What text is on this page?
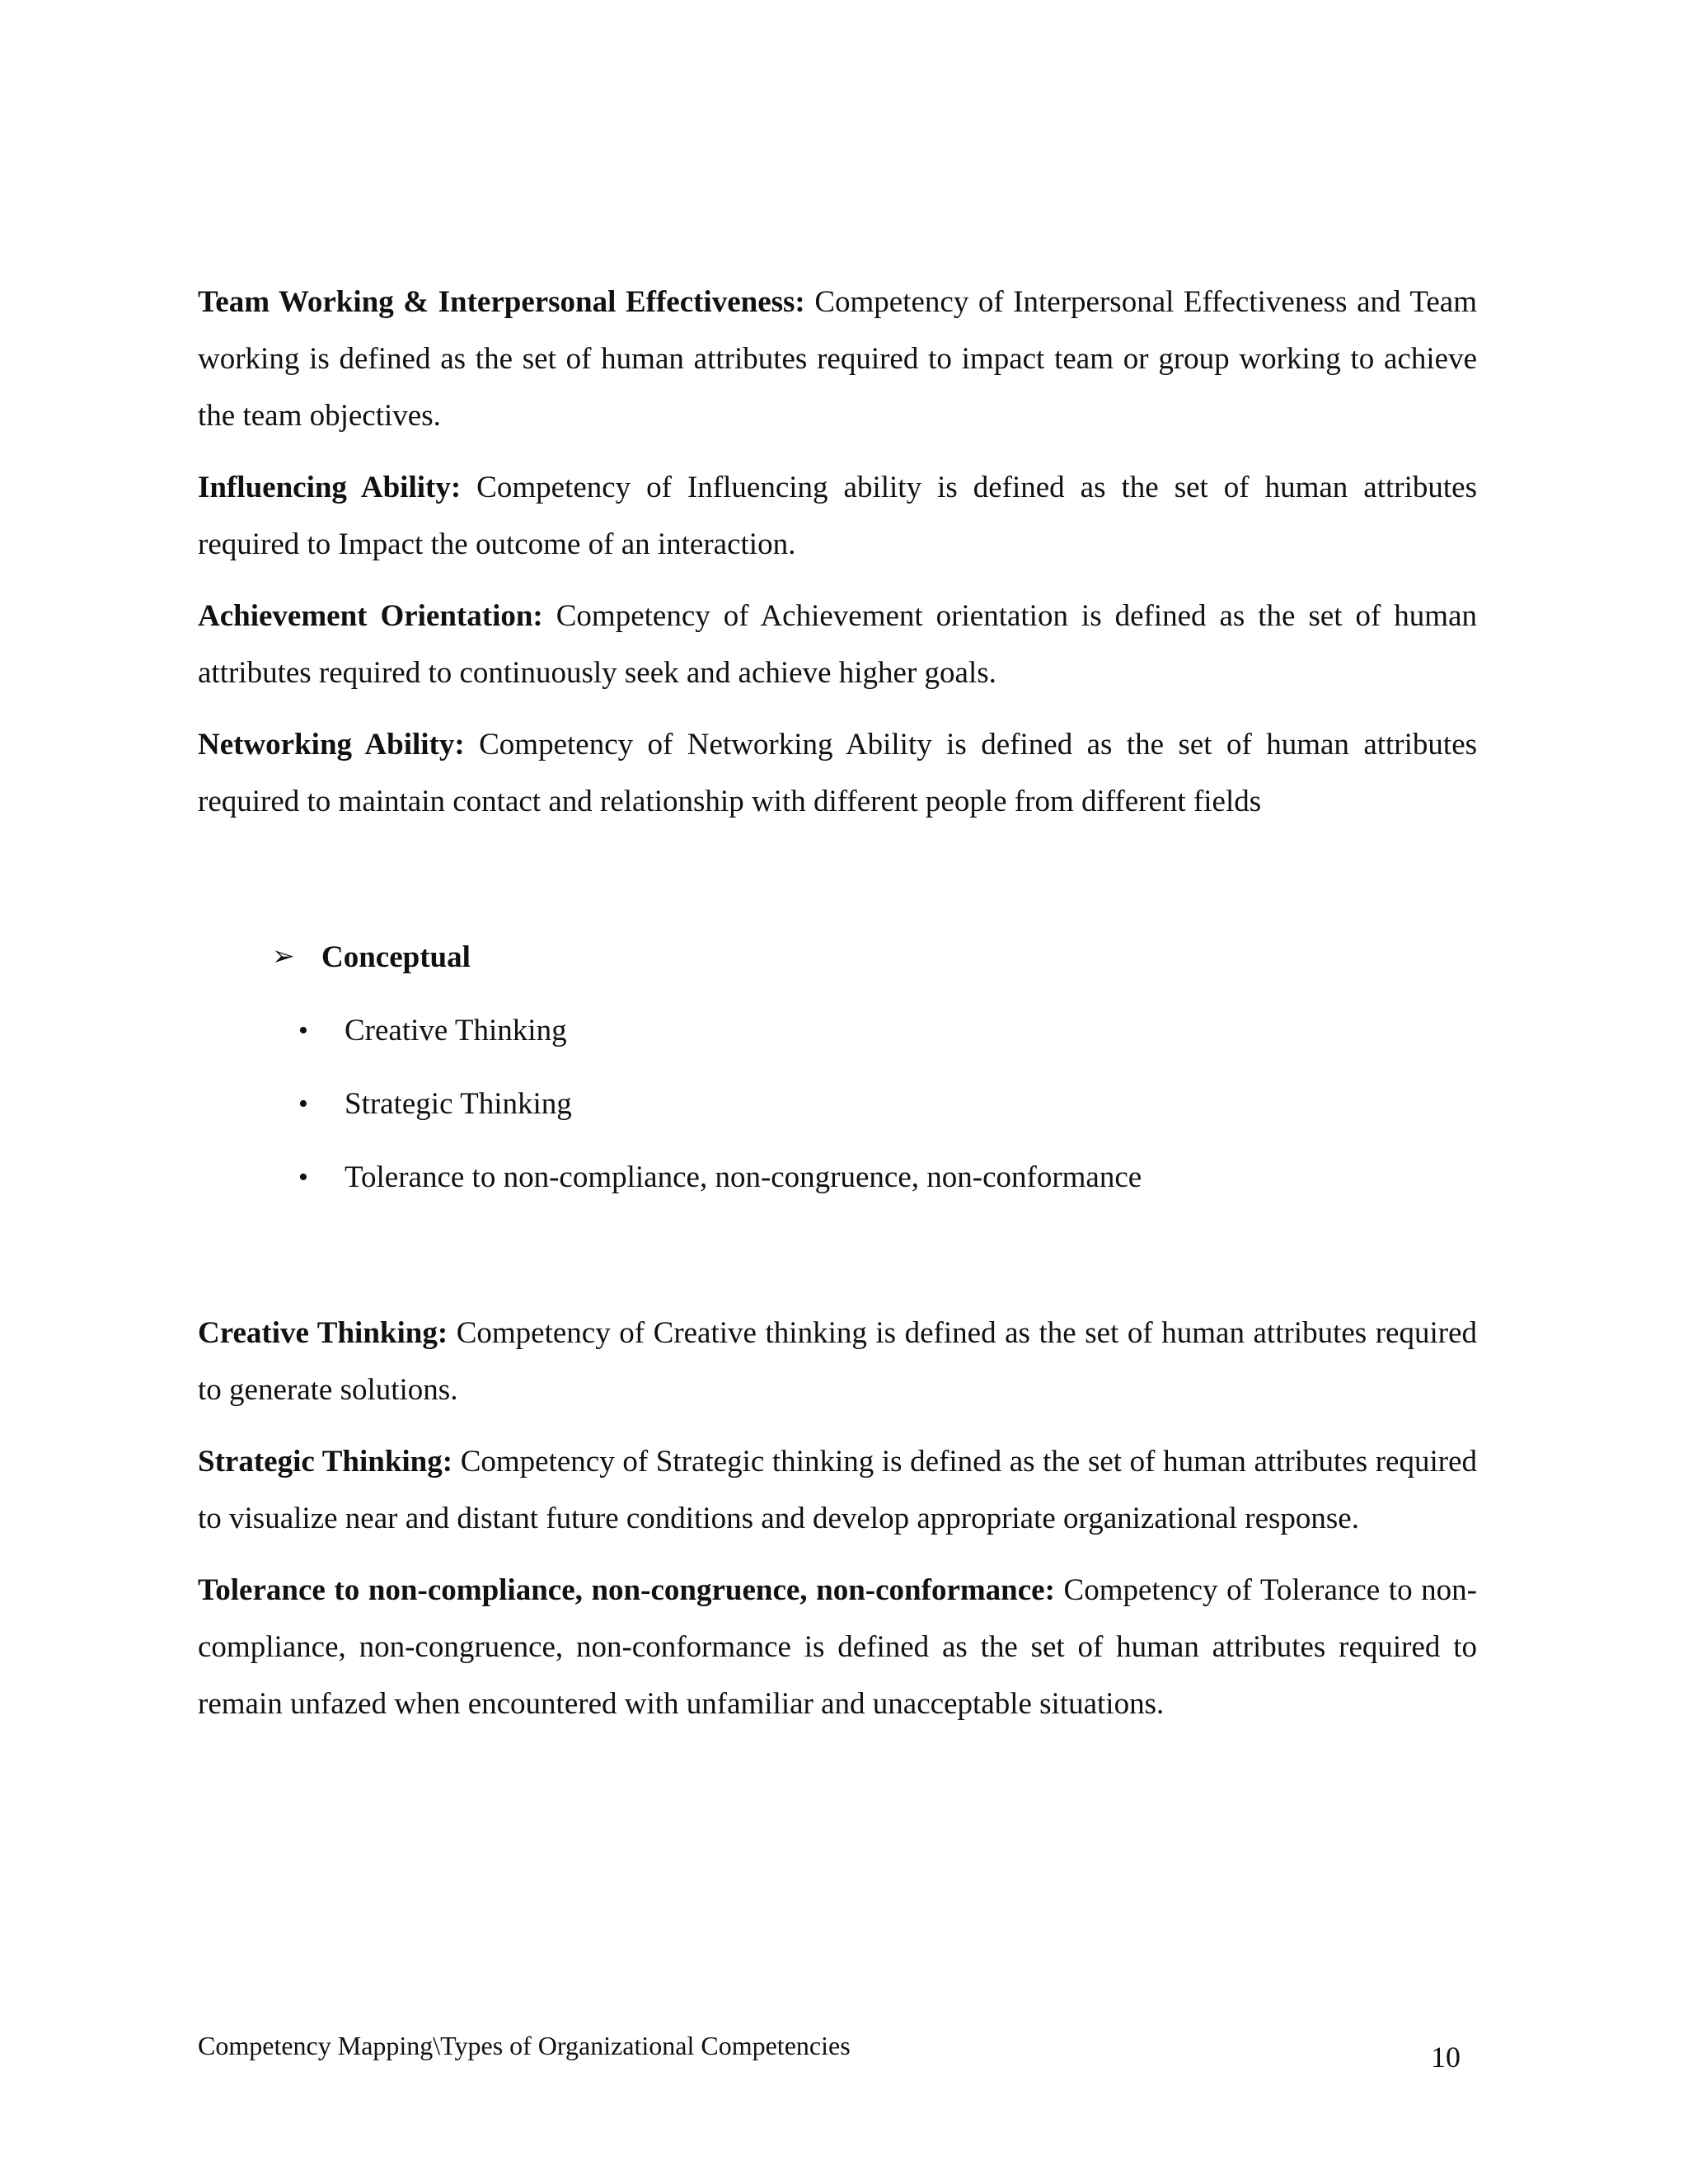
Team Working & Interpersonal Effectiveness: Competency of Interpersonal Effectiveness and Team working is defined as the set of human attributes required to impact team or group working to achieve the team objectives.

Influencing Ability: Competency of Influencing ability is defined as the set of human attributes required to Impact the outcome of an interaction.

Achievement Orientation: Competency of Achievement orientation is defined as the set of human attributes required to continuously seek and achieve higher goals.

Networking Ability: Competency of Networking Ability is defined as the set of human attributes required to maintain contact and relationship with different people from different fields

➢ Conceptual
• Creative Thinking
• Strategic Thinking
• Tolerance to non-compliance, non-congruence, non-conformance

Creative Thinking: Competency of Creative thinking is defined as the set of human attributes required to generate solutions.

Strategic Thinking: Competency of Strategic thinking is defined as the set of human attributes required to visualize near and distant future conditions and develop appropriate organizational response.

Tolerance to non-compliance, non-congruence, non-conformance: Competency of Tolerance to non-compliance, non-congruence, non-conformance is defined as the set of human attributes required to remain unfazed when encountered with unfamiliar and unacceptable situations.

Competency Mapping\Types of Organizational Competencies	10
